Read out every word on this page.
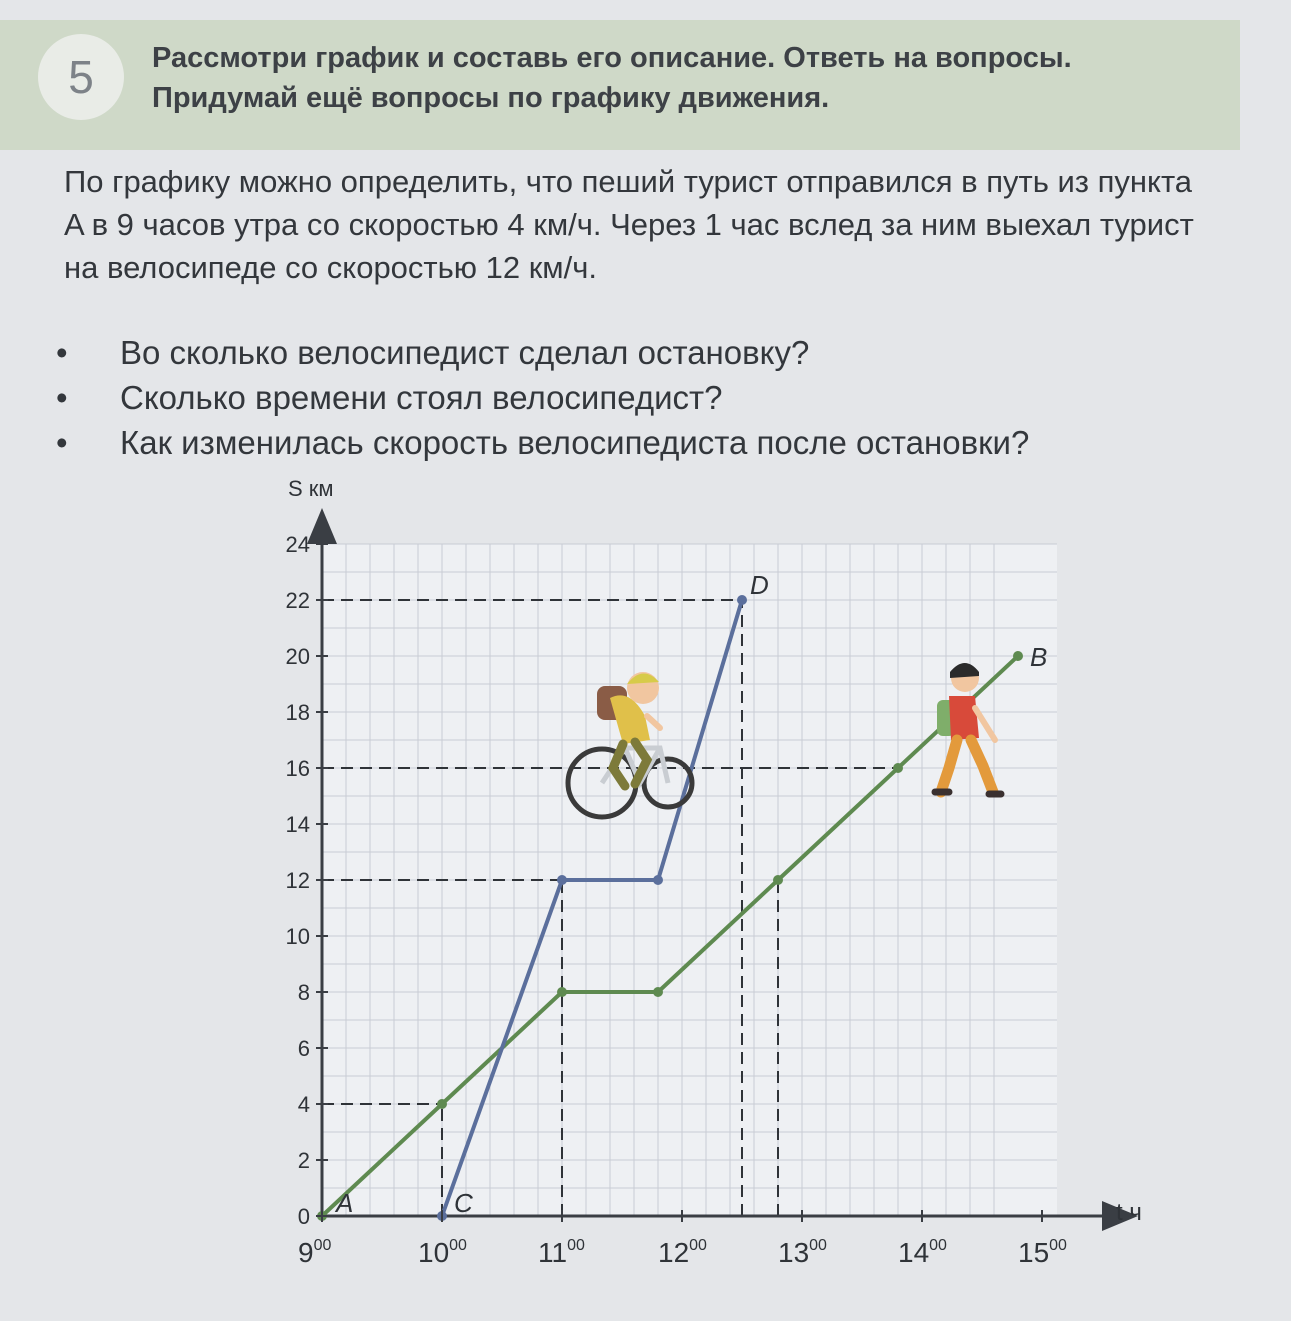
5	Рассмотри график и составь его описание. Ответь на вопросы. Придумай ещё вопросы по графику движения.
По графику можно определить, что пеший турист отправился в путь из пункта A в 9 часов утра со скоростью 4 км/ч. Через 1 час вслед за ним выехал турист на велосипеде со скоростью 12 км/ч.
• Во сколько велосипедист сделал остановку?
• Сколько времени стоял велосипедист?
• Как изменилась скорость велосипедиста после остановки?
0
2
4
6
8
10
12
14
16
18
20
22
24
$9^{00}$	$10^{00}$	$11^{00}$	$12^{00}$	$13^{00}$	$14^{00}$	$15^{00}$
A	C
D
B
S км
t ч
